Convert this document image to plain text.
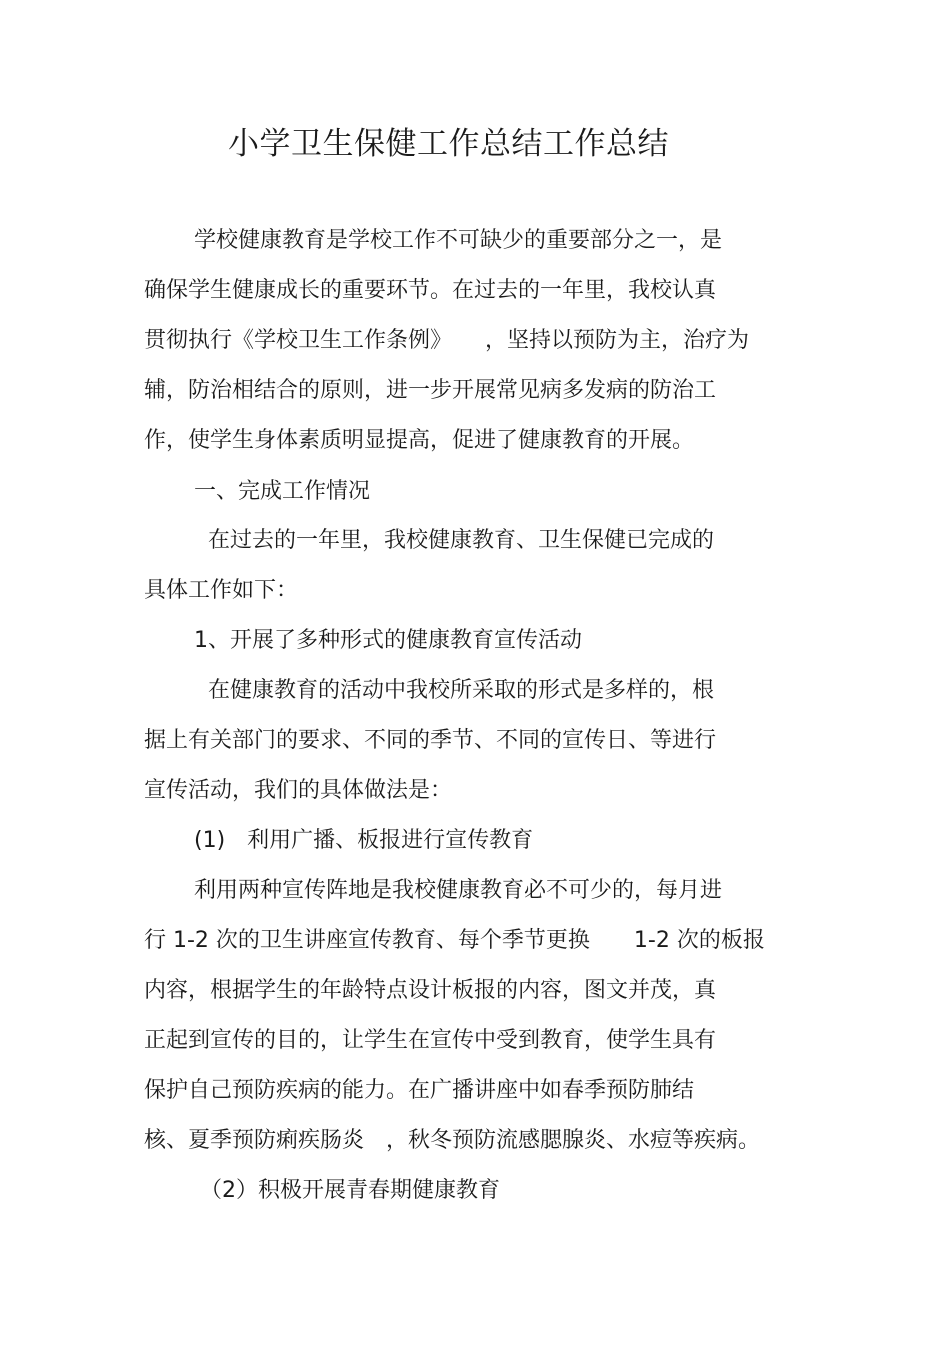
小学卫生保健工作总结工作总结
学校健康教育是学校工作不可缺少的重要部分之一，是
确保学生健康成长的重要环节。在过去的一年里，我校认真
贯彻执行《学校卫生工作条例》　　，坚持以预防为主，治疗为
辅，防治相结合的原则，进一步开展常见病多发病的防治工
作，使学生身体素质明显提高，促进了健康教育的开展。
一、完成工作情况
在过去的一年里，我校健康教育、卫生保健已完成的
具体工作如下：
1、开展了多种形式的健康教育宣传活动
在健康教育的活动中我校所采取的形式是多样的，根
据上有关部门的要求、不同的季节、不同的宣传日、等进行
宣传活动，我们的具体做法是：
(1)　利用广播、板报进行宣传教育
利用两种宣传阵地是我校健康教育必不可少的，每月进
行 1-2 次的卫生讲座宣传教育、每个季节更换　　1-2 次的板报
内容，根据学生的年龄特点设计板报的内容，图文并茂，真
正起到宣传的目的，让学生在宣传中受到教育，使学生具有
保护自己预防疾病的能力。在广播讲座中如春季预防肺结
核、夏季预防痢疾肠炎　，秋冬预防流感腮腺炎、水痘等疾病。
（2）积极开展青春期健康教育
